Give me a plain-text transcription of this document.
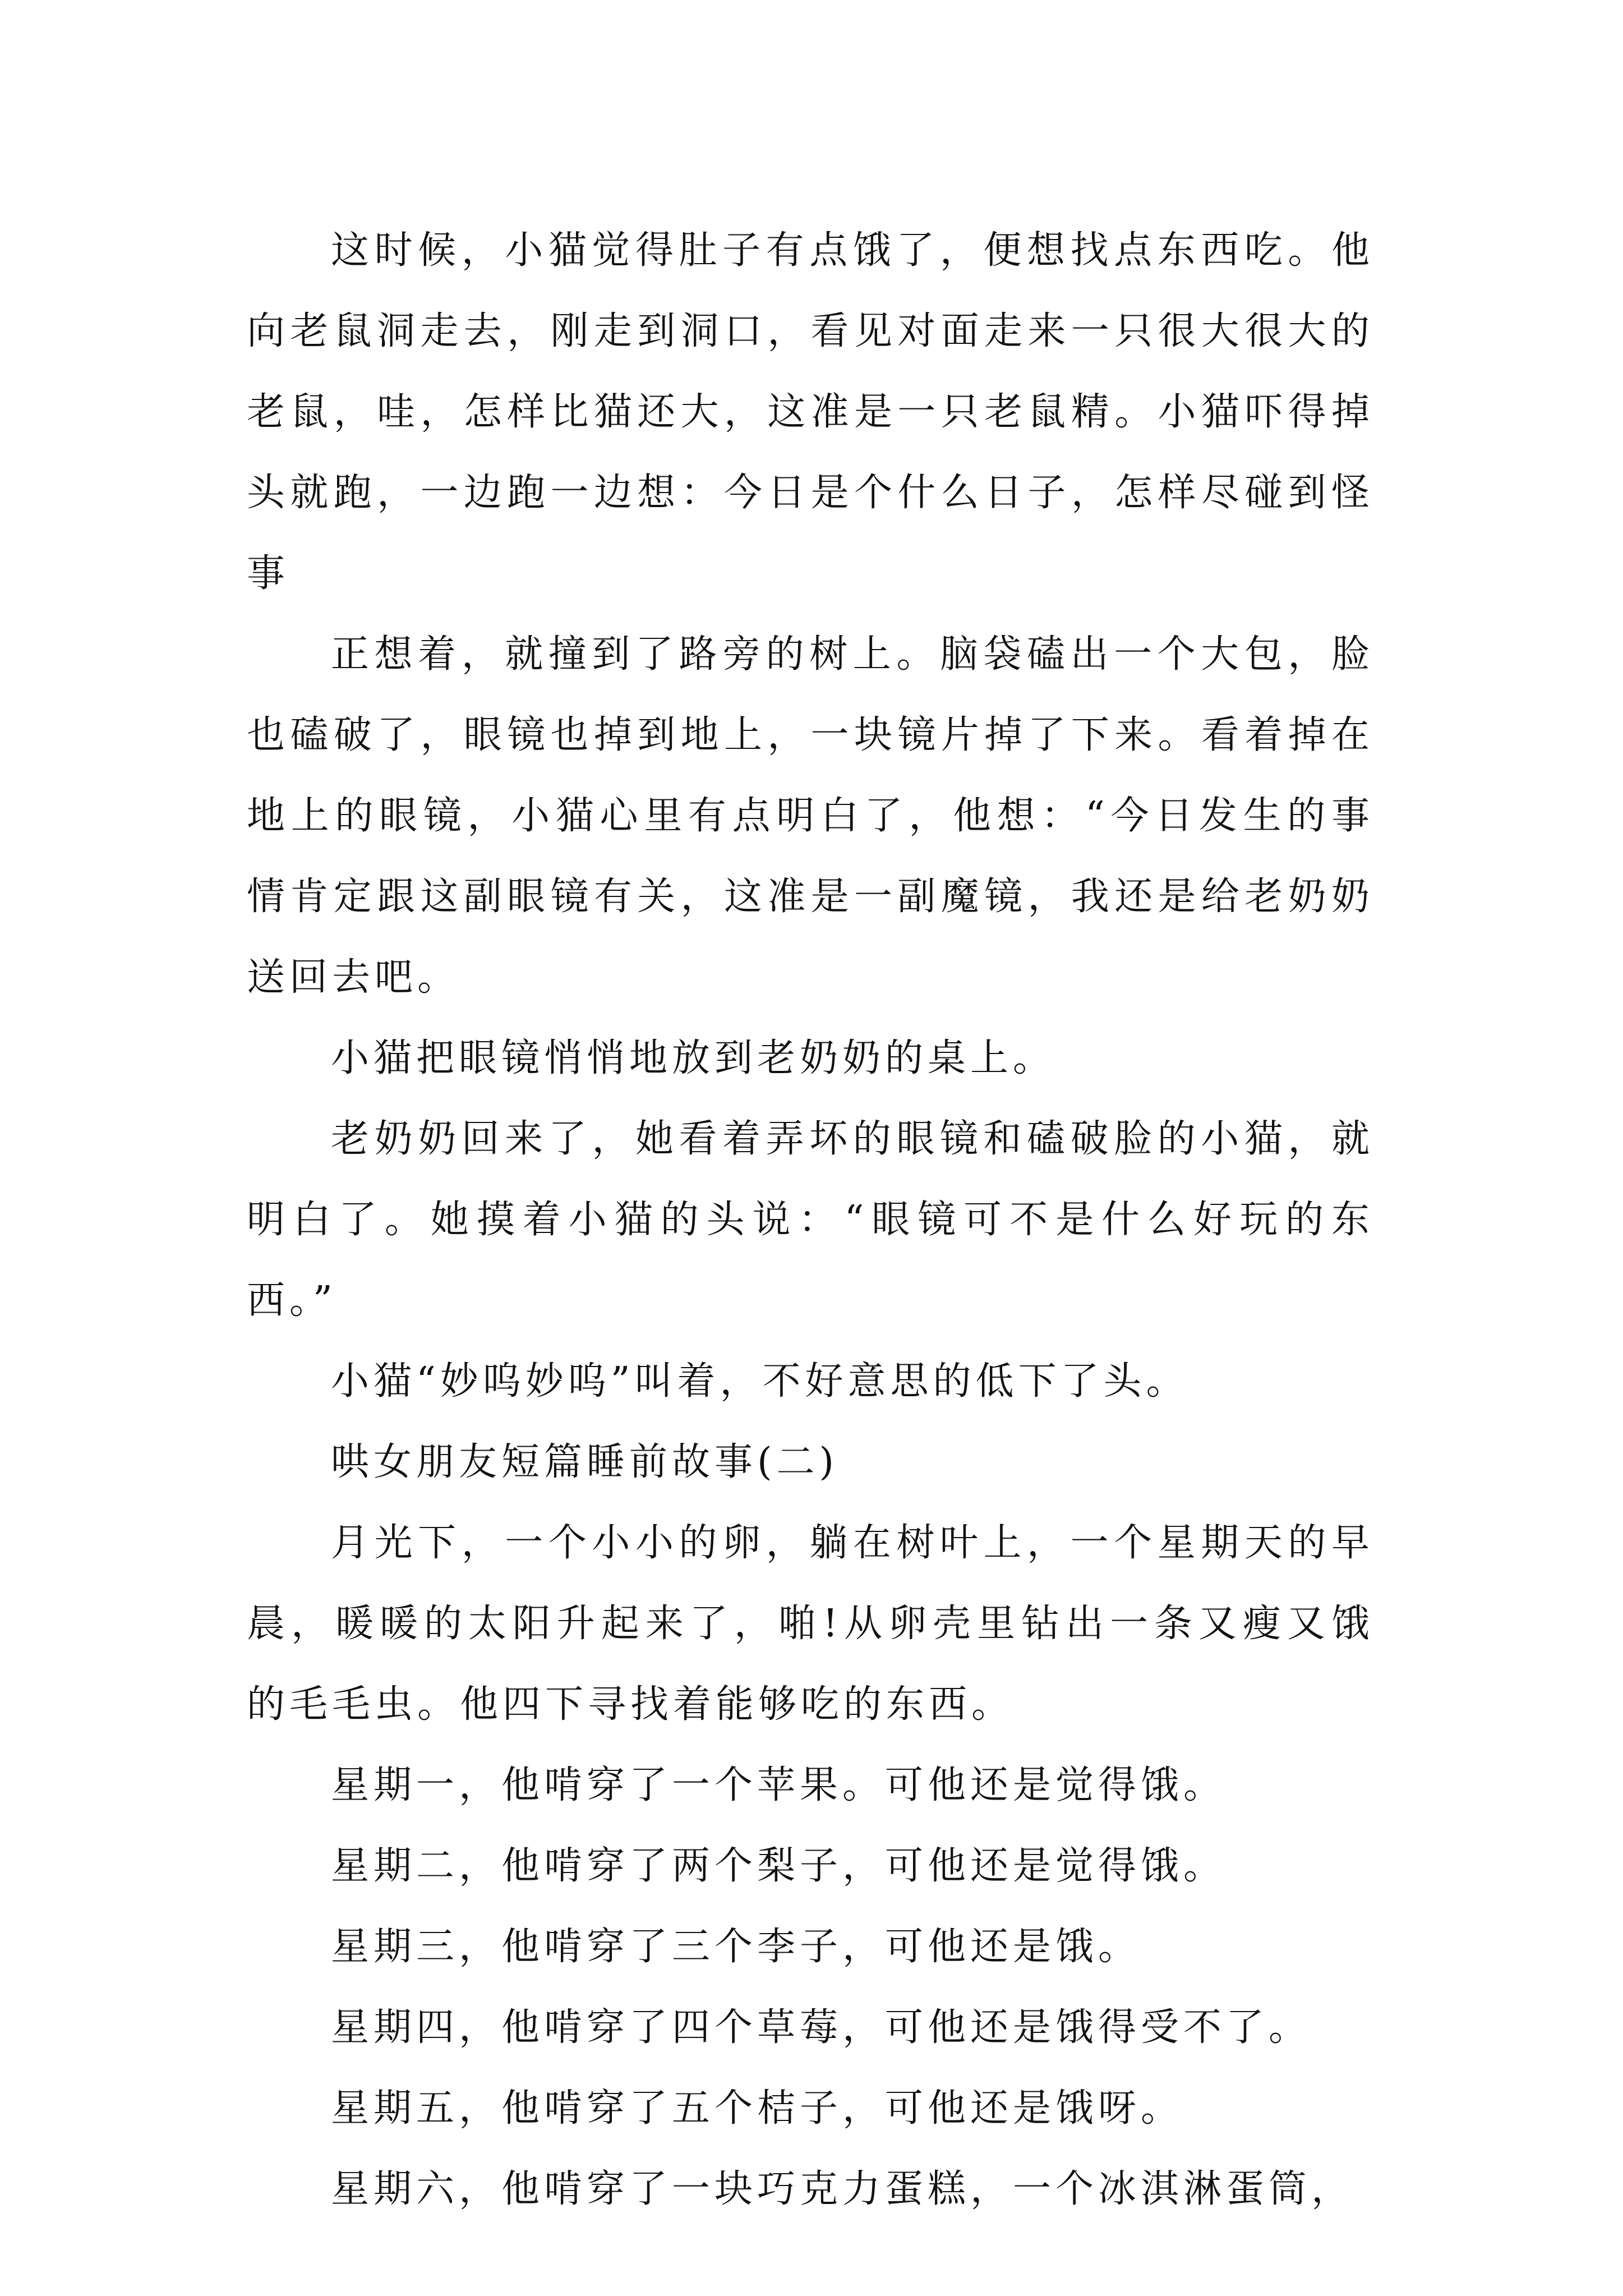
这时候，小猫觉得肚子有点饿了，便想找点东西吃。他向老鼠洞走去，刚走到洞口，看见对面走来一只很大很大的老鼠，哇，怎样比猫还大，这准是一只老鼠精。小猫吓得掉头就跑，一边跑一边想：今日是个什么日子，怎样尽碰到怪事

正想着，就撞到了路旁的树上。脑袋磕出一个大包，脸也磕破了，眼镜也掉到地上，一块镜片掉了下来。看着掉在地上的眼镜，小猫心里有点明白了，他想：“今日发生的事情肯定跟这副眼镜有关，这准是一副魔镜，我还是给老奶奶送回去吧。

小猫把眼镜悄悄地放到老奶奶的桌上。

老奶奶回来了，她看着弄坏的眼镜和磕破脸的小猫，就明白了。她摸着小猫的头说：“眼镜可不是什么好玩的东西。”

小猫“妙呜妙呜”叫着，不好意思的低下了头。

哄女朋友短篇睡前故事(二)

月光下，一个小小的卵，躺在树叶上，一个星期天的早晨，暖暖的太阳升起来了，啪!从卵壳里钻出一条又瘦又饿的毛毛虫。他四下寻找着能够吃的东西。

星期一，他啃穿了一个苹果。可他还是觉得饿。

星期二，他啃穿了两个梨子，可他还是觉得饿。

星期三，他啃穿了三个李子，可他还是饿。

星期四，他啃穿了四个草莓，可他还是饿得受不了。

星期五，他啃穿了五个桔子，可他还是饿呀。

星期六，他啃穿了一块巧克力蛋糕，一个冰淇淋蛋筒，
